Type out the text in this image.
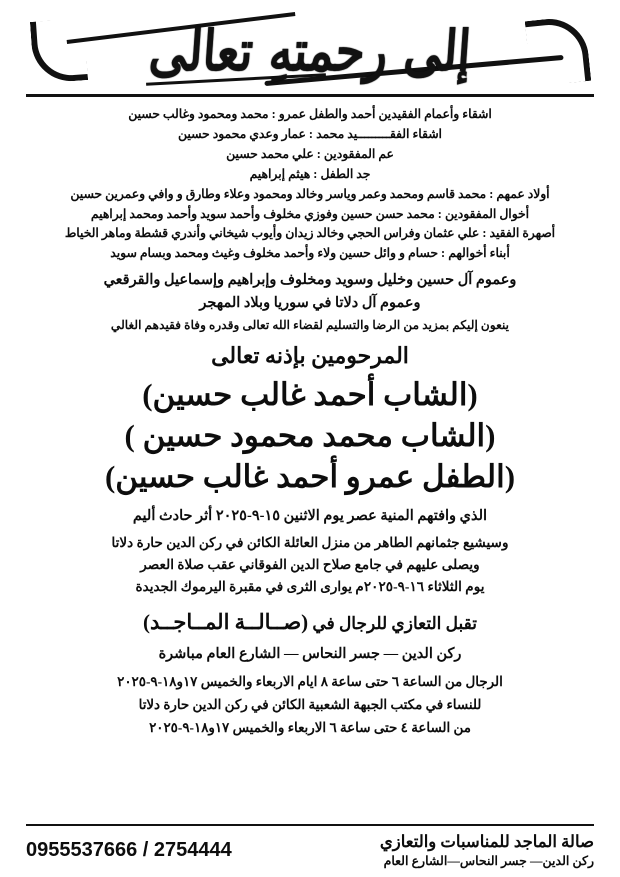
إلى رحمتهِ تعالى
اشقاء وأعمام الفقيدين أحمد والطفل عمرو : محمد ومحمود وغالب حسين
اشقاء الفقـــــــــيد محمد : عمار وعدي محمود حسين
عم المفقودين : علي محمد حسين
جد الطفل : هيثم إبراهيم
أولاد عمهم : محمد قاسم ومحمد وعمر وياسر وخالد ومحمود وعلاء وطارق و وافي وعمرين حسين
أخوال المفقودين : محمد حسن حسين وفوزي مخلوف وأحمد سويد وأحمد ومحمد إبراهيم
أصهرة الفقيد : علي عثمان وفراس الحجي وخالد زيدان وأيوب شيخاني وأندري قشطة وماهر الخياط
أبناء أخوالهم : حسام و وائل حسين ولاء وأحمد مخلوف وغيث ومحمد وبسام سويد
وعموم آل حسين وخليل وسويد ومخلوف وإبراهيم وإسماعيل والقرقعي
وعموم آل دلاتا في سوريا وبلاد المهجر
ينعون إليكم بمزيد من الرضا والتسليم لقضاء الله تعالى وقدره وفاة فقيدهم الغالي
المرحومين بإذنه تعالى
(الشاب أحمد غالب حسين)
(الشاب محمد محمود حسين )
(الطفل عمرو أحمد غالب حسين)
الذي وافتهم المنية عصر يوم الاثنين ١٥-٩-٢٠٢٥ أثر حادث أليم
وسيشيع جثمانهم الطاهر من منزل العائلة الكائن في ركن الدين حارة دلاتا
ويصلى عليهم في جامع صلاح الدين الفوقاني عقب صلاة العصر
يوم الثلاثاء ١٦-٩-٢٠٢٥م يوارى الثرى في مقبرة اليرموك الجديدة
تقبل التعازي للرجال في (صــالــة المــاجــد)
ركن الدين — جسر النحاس — الشارع العام مباشرة
الرجال من الساعة ٦ حتى ساعة ٨ ايام الاربعاء والخميس ١٧و١٨-٩-٢٠٢٥
للنساء في مكتب الجبهة الشعبية الكائن في ركن الدين حارة دلاتا
من الساعة ٤ حتى ساعة ٦ الاربعاء والخميس ١٧و١٨-٩-٢٠٢٥
صالة الماجد للمناسبات والتعازي
ركن الدين— جسر النحاس—الشارع العام
0955537666 / 2754444
